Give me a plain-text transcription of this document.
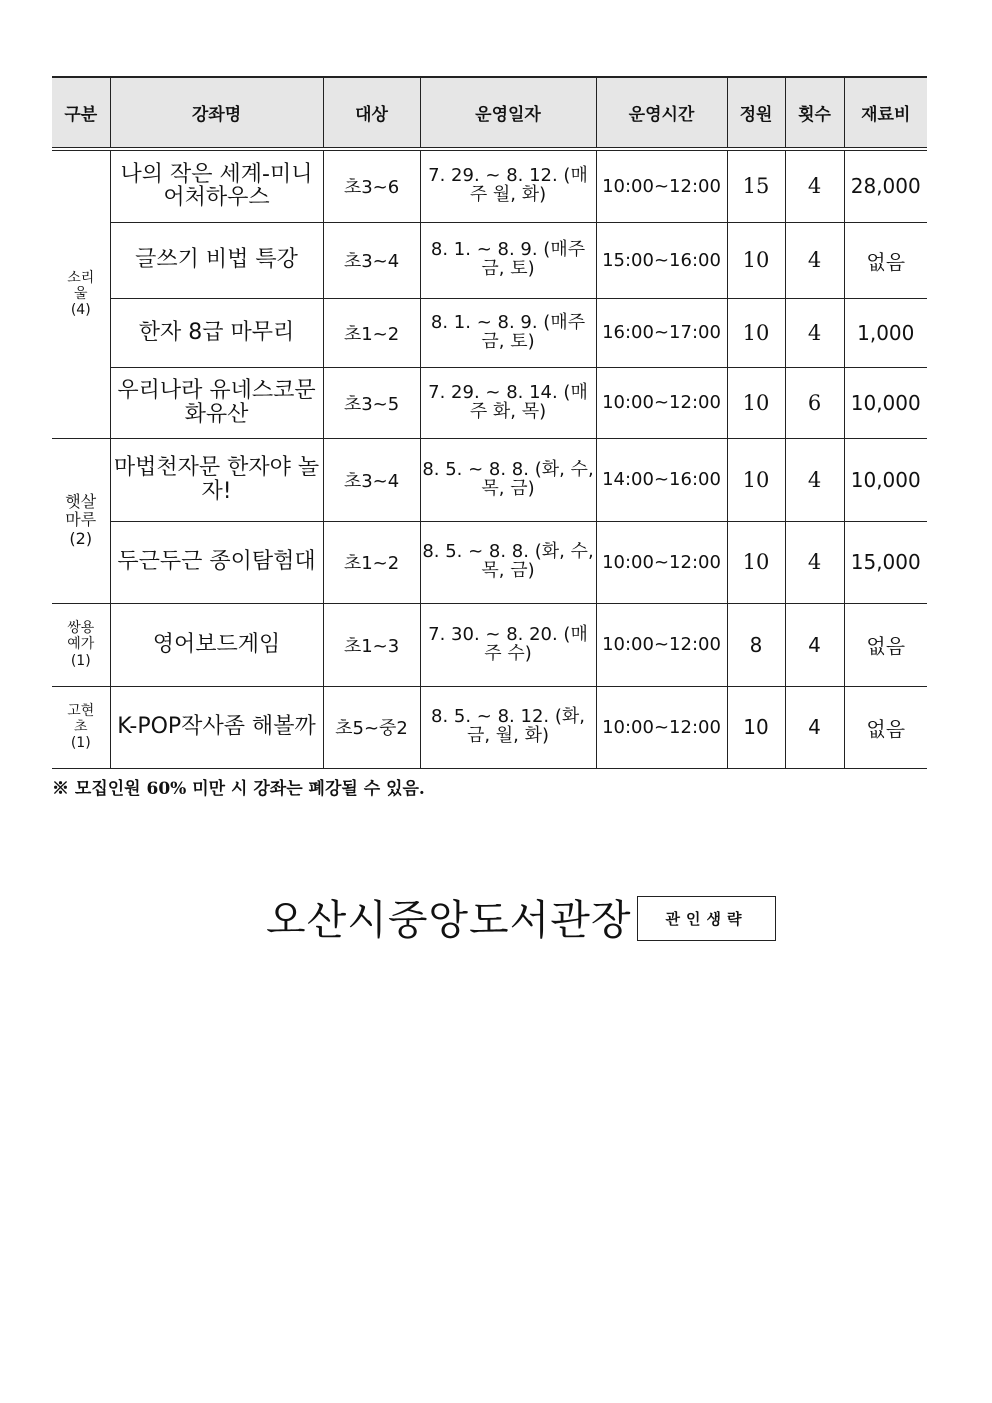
구분	강좌명	대상	운영일자	운영시간	정원	횟수	재료비
소리울(4)	나의 작은 세계-미니어처하우스	초3~6	7. 29. ~ 8. 12. (매주 월, 화)	10:00~12:00	15	4	28,000
	글쓰기 비법 특강	초3~4	8. 1. ~ 8. 9. (매주 금, 토)	15:00~16:00	10	4	없음
	한자 8급 마무리	초1~2	8. 1. ~ 8. 9. (매주 금, 토)	16:00~17:00	10	4	1,000
	우리나라 유네스코문화유산	초3~5	7. 29. ~ 8. 14. (매주 화, 목)	10:00~12:00	10	6	10,000
햇살마루(2)	마법천자문 한자야 놀자!	초3~4	8. 5. ~ 8. 8. (화, 수, 목, 금)	14:00~16:00	10	4	10,000
	두근두근 종이탐험대	초1~2	8. 5. ~ 8. 8. (화, 수, 목, 금)	10:00~12:00	10	4	15,000
쌍용예가(1)	영어보드게임	초1~3	7. 30. ~ 8. 20. (매주 수)	10:00~12:00	8	4	없음
고현초(1)	K-POP작사좀 해볼까	초5~중2	8. 5. ~ 8. 12. (화, 금, 월, 화)	10:00~12:00	10	4	없음
※ 모집인원 60% 미만 시 강좌는 폐강될 수 있음.
오산시중앙도서관장	관인생략
